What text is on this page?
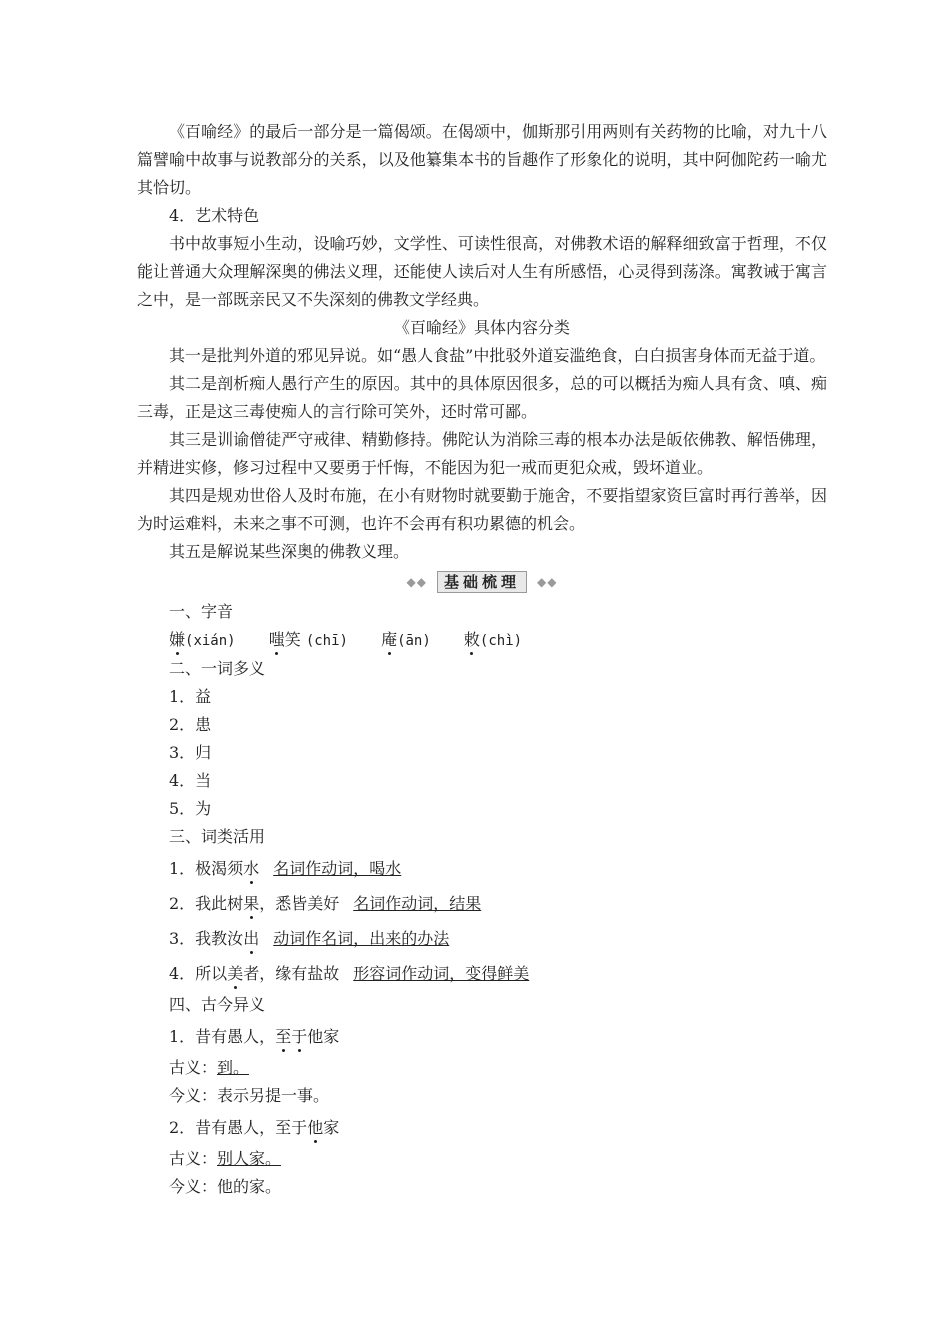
《百喻经》的最后一部分是一篇偈颂。在偈颂中，伽斯那引用两则有关药物的比喻，对九十八篇譬喻中故事与说教部分的关系，以及他纂集本书的旨趣作了形象化的说明，其中阿伽陀药一喻尤其恰切。

4．艺术特色

书中故事短小生动，设喻巧妙，文学性、可读性很高，对佛教术语的解释细致富于哲理，不仅能让普通大众理解深奥的佛法义理，还能使人读后对人生有所感悟，心灵得到荡涤。寓教诫于寓言之中，是一部既亲民又不失深刻的佛教文学经典。

《百喻经》具体内容分类

其一是批判外道的邪见异说。如“愚人食盐”中批驳外道妄滥绝食，白白损害身体而无益于道。

其二是剖析痴人愚行产生的原因。其中的具体原因很多，总的可以概括为痴人具有贪、嗔、痴三毒，正是这三毒使痴人的言行除可笑外，还时常可鄙。

其三是训谕僧徒严守戒律、精勤修持。佛陀认为消除三毒的根本办法是皈依佛教、解悟佛理，并精进实修，修习过程中又要勇于忏悔，不能因为犯一戒而更犯众戒，毁坏道业。

其四是规劝世俗人及时布施，在小有财物时就要勤于施舍，不要指望家资巨富时再行善举，因为时运难料，未来之事不可测，也许不会再有积功累德的机会。

其五是解说某些深奥的佛教义理。

◆◆	基础梳理	◆◆

一、字音

嫌(xián) 嗤笑 (chī) 庵(ān) 敕(chì)

二、一词多义

1．益

2．患

3．归

4．当

5．为

三、词类活用

1．极渴须水 名词作动词，喝水

2．我此树果，悉皆美好 名词作动词，结果

3．我教汝出 动词作名词，出来的办法

4．所以美者，缘有盐故 形容词作动词，变得鲜美

四、古今异义

1．昔有愚人，至于他家

古义：到。

今义：表示另提一事。

2．昔有愚人，至于他家

古义：别人家。

今义：他的家。
